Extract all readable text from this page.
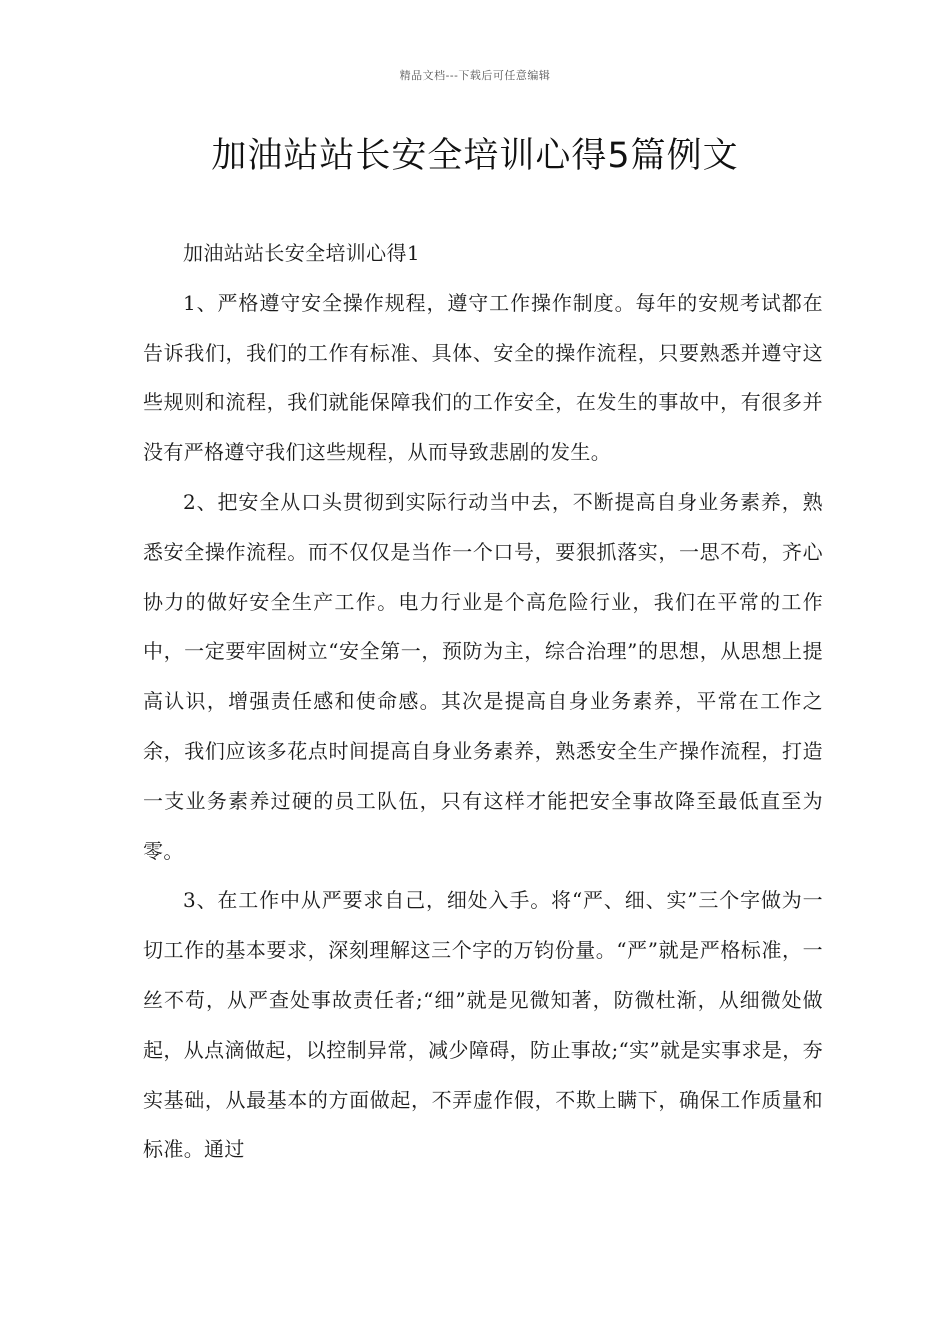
精品文档---下载后可任意编辑
加油站站长安全培训心得5篇例文

加油站站长安全培训心得1

1、严格遵守安全操作规程，遵守工作操作制度。每年的安规考试都在告诉我们，我们的工作有标准、具体、安全的操作流程，只要熟悉并遵守这些规则和流程，我们就能保障我们的工作安全，在发生的事故中，有很多并没有严格遵守我们这些规程，从而导致悲剧的发生。

2、把安全从口头贯彻到实际行动当中去，不断提高自身业务素养，熟悉安全操作流程。而不仅仅是当作一个口号，要狠抓落实，一思不苟，齐心协力的做好安全生产工作。电力行业是个高危险行业，我们在平常的工作中，一定要牢固树立“安全第一，预防为主，综合治理”的思想，从思想上提高认识，增强责任感和使命感。其次是提高自身业务素养，平常在工作之余，我们应该多花点时间提高自身业务素养，熟悉安全生产操作流程，打造一支业务素养过硬的员工队伍，只有这样才能把安全事故降至最低直至为零。

3、在工作中从严要求自己，细处入手。将“严、细、实”三个字做为一切工作的基本要求，深刻理解这三个字的万钧份量。“严”就是严格标准，一丝不苟，从严查处事故责任者;“细”就是见微知著，防微杜渐，从细微处做起，从点滴做起，以控制异常，减少障碍，防止事故;“实”就是实事求是，夯实基础，从最基本的方面做起，不弄虚作假，不欺上瞒下，确保工作质量和标准。通过
